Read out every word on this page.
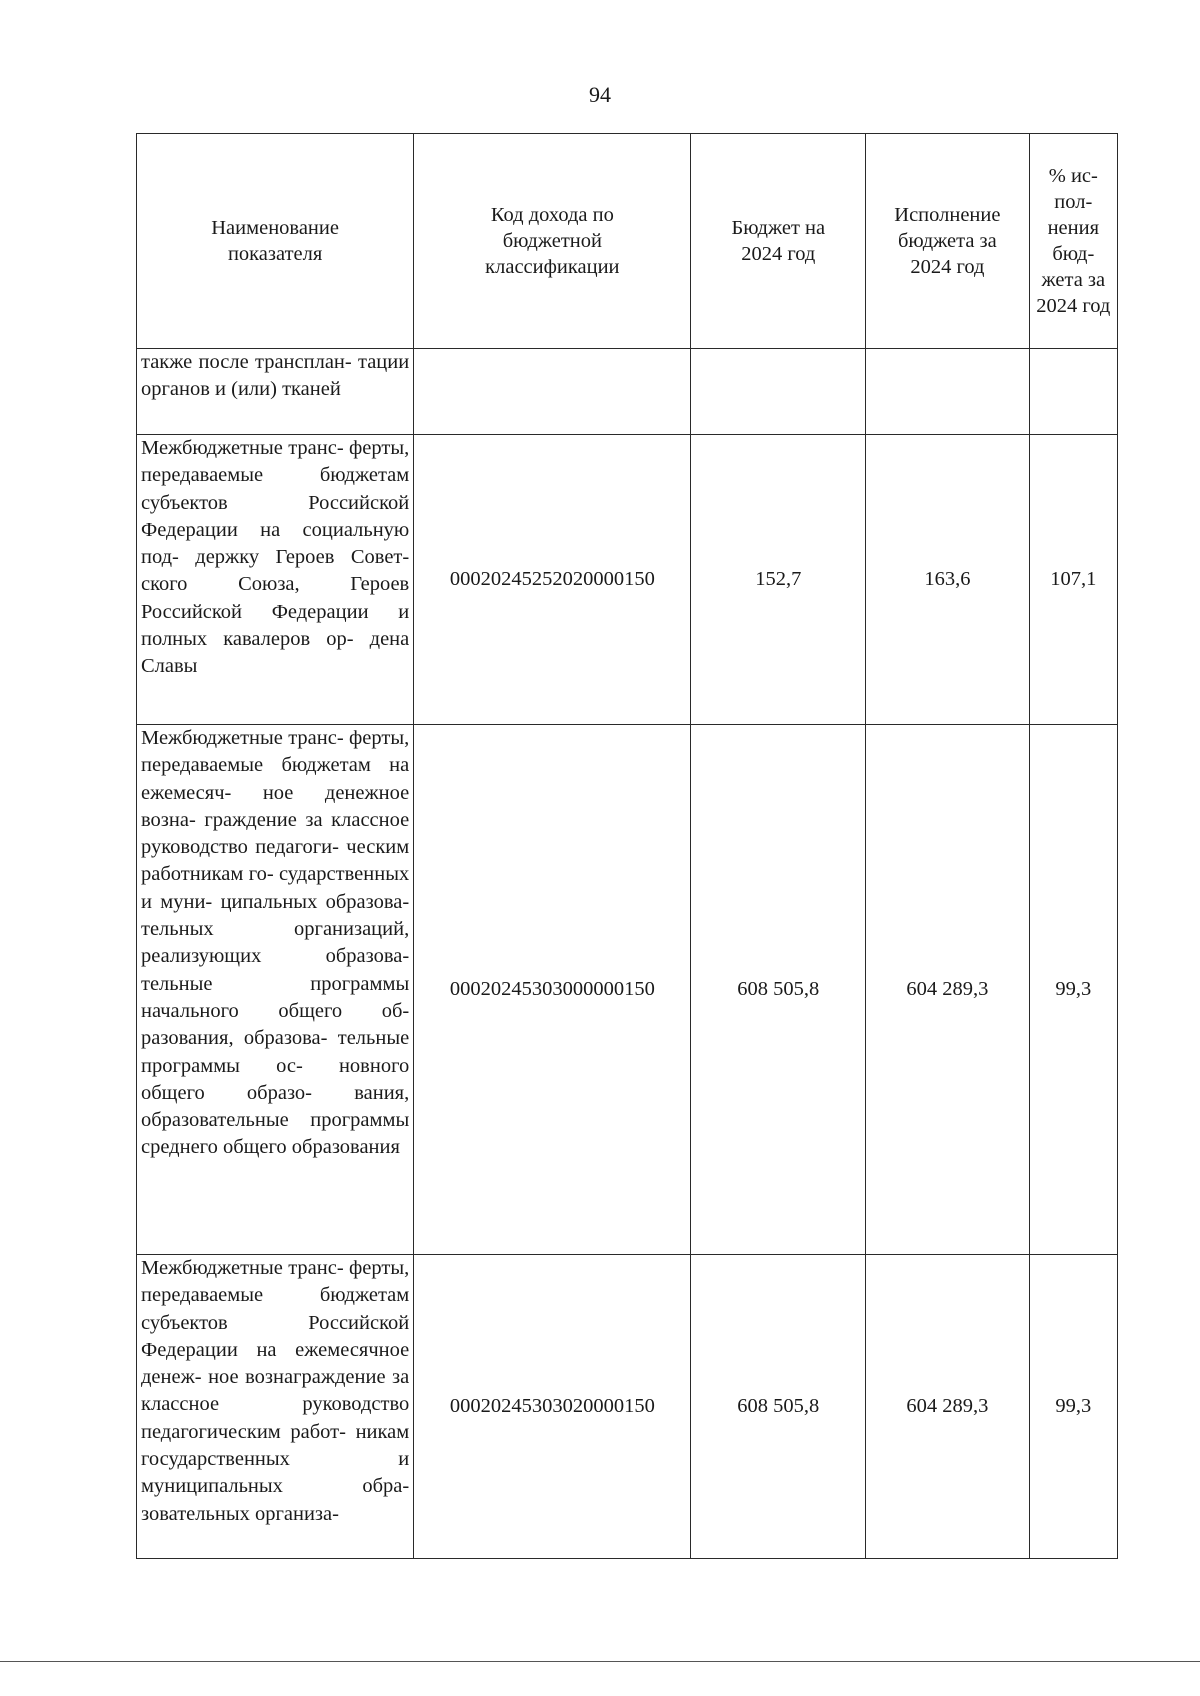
94
Наименование показателя	Код дохода по бюджетной классификации	Бюджет на 2024 год	Исполнение бюджета за 2024 год	% ис- пол- нения бюд- жета за 2024 год
также после трансплан- тации органов и (или) тканей				
Межбюджетные транс- ферты, передаваемые бюджетам субъектов Российской Федерации на социальную под- держку Героев Совет- ского Союза, Героев Российской Федерации и полных кавалеров ор- дена Славы	00020245252020000150	152,7	163,6	107,1
Межбюджетные транс- ферты, передаваемые бюджетам на ежемесяч- ное денежное возна- граждение за классное руководство педагоги- ческим работникам го- сударственных и муни- ципальных образова- тельных организаций, реализующих образова- тельные программы начального общего об- разования, образова- тельные программы ос- новного общего образо- вания, образовательные программы среднего общего образования	00020245303000000150	608 505,8	604 289,3	99,3
Межбюджетные транс- ферты, передаваемые бюджетам субъектов Российской Федерации на ежемесячное денеж- ное вознаграждение за классное руководство педагогическим работ- никам государственных и муниципальных обра- зовательных организа-	00020245303020000150	608 505,8	604 289,3	99,3
